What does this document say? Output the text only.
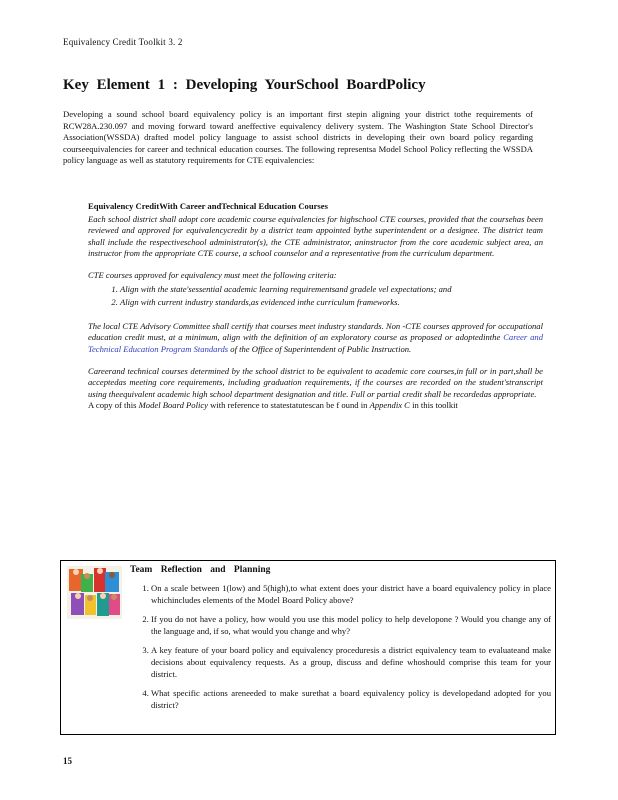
Equivalency Credit Toolkit 3. 2
Key Element 1 : Developing YourSchool BoardPolicy
Developing a sound school board equivalency policy is an important first stepin aligning your district tothe requirements of RCW28A.230.097 and moving forward toward aneffective equivalency delivery system. The Washington State School Director's Association(WSSDA) drafted model policy language to assist school districts in developing their own board policy regarding courseequivalencies for career and technical education courses. The following representsa Model School Policy reflecting the WSSDA policy language as well as statutory requirements for CTE equivalencies:
Equivalency CreditWith Career andTechnical Education Courses

Each school district shall adopt core academic course equivalencies for highschool CTE courses, provided that the coursehas been reviewed and approved for equivalencycredit by a district team appointed bythe superintendent or a designee. The district team shall include the respectiveschool administrator(s), the CTE administrator, aninstructor from the core academic subject area, an instructor from the appropriate CTE course, a school counselor and a representative from the curriculum department.

CTE courses approved for equivalency must meet the following criteria:

1. Align with the state'sessential academic learning requirementsand gradele vel expectations; and
2. Align with current industry standards,as evidenced inthe curriculum frameworks.

The local CTE Advisory Committee shall certify that courses meet industry standards. Non -CTE courses approved for occupational education credit must, at a minimum, align with the definition of an exploratory course as proposed or adoptedinthe Career and Technical Education Program Standards of the Office of Superintendent of Public Instruction.

Careerand technical courses determined by the school district to be equivalent to academic core courses,in full or in part,shall be acceptedas meeting core requirements, including graduation requirements, if the courses are recorded on the student'stranscript using theequivalent academic high school department designation and title. Full or partial credit shall be recordedas appropriate.

A copy of this Model Board Policy with reference to statestatutescan be f ound in Appendix C in this toolkit

Team Reflection and Planning
1. On a scale between 1(low) and 5(high),to what extent does your district have a board equivalency policy in place whichincludes elements of the Model Board Policy above?
2. If you do not have a policy, how would you use this model policy to help developone ? Would you change any of the language and, if so, what would you change and why?
3. A key feature of your board policy and equivalency proceduresis a district equivalency team to evaluateand make decisions about equivalency requests. As a group, discuss and define whoshould comprise this team for your district.
4. What specific actions areneeded to make surethat a board equivalency policy is developedand adopted for you district?
15
